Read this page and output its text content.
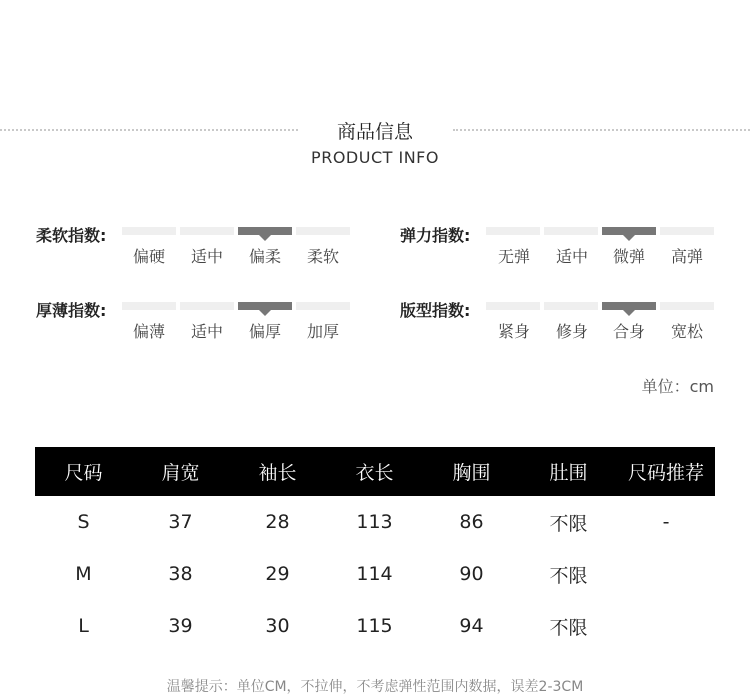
商品信息
PRODUCT INFO
柔软指数:
偏硬	适中	偏柔	柔软
弹力指数:
无弹	适中	微弹	高弹
厚薄指数:
偏薄	适中	偏厚	加厚
版型指数:
紧身	修身	合身	宽松
单位：cm
尺码	肩宽	袖长	衣长	胸围	肚围	尺码推荐
S	37	28	113	86	不限	-
M	38	29	114	90	不限
L	39	30	115	94	不限
温馨提示：单位CM，不拉伸，不考虑弹性范围内数据，误差2-3CM
